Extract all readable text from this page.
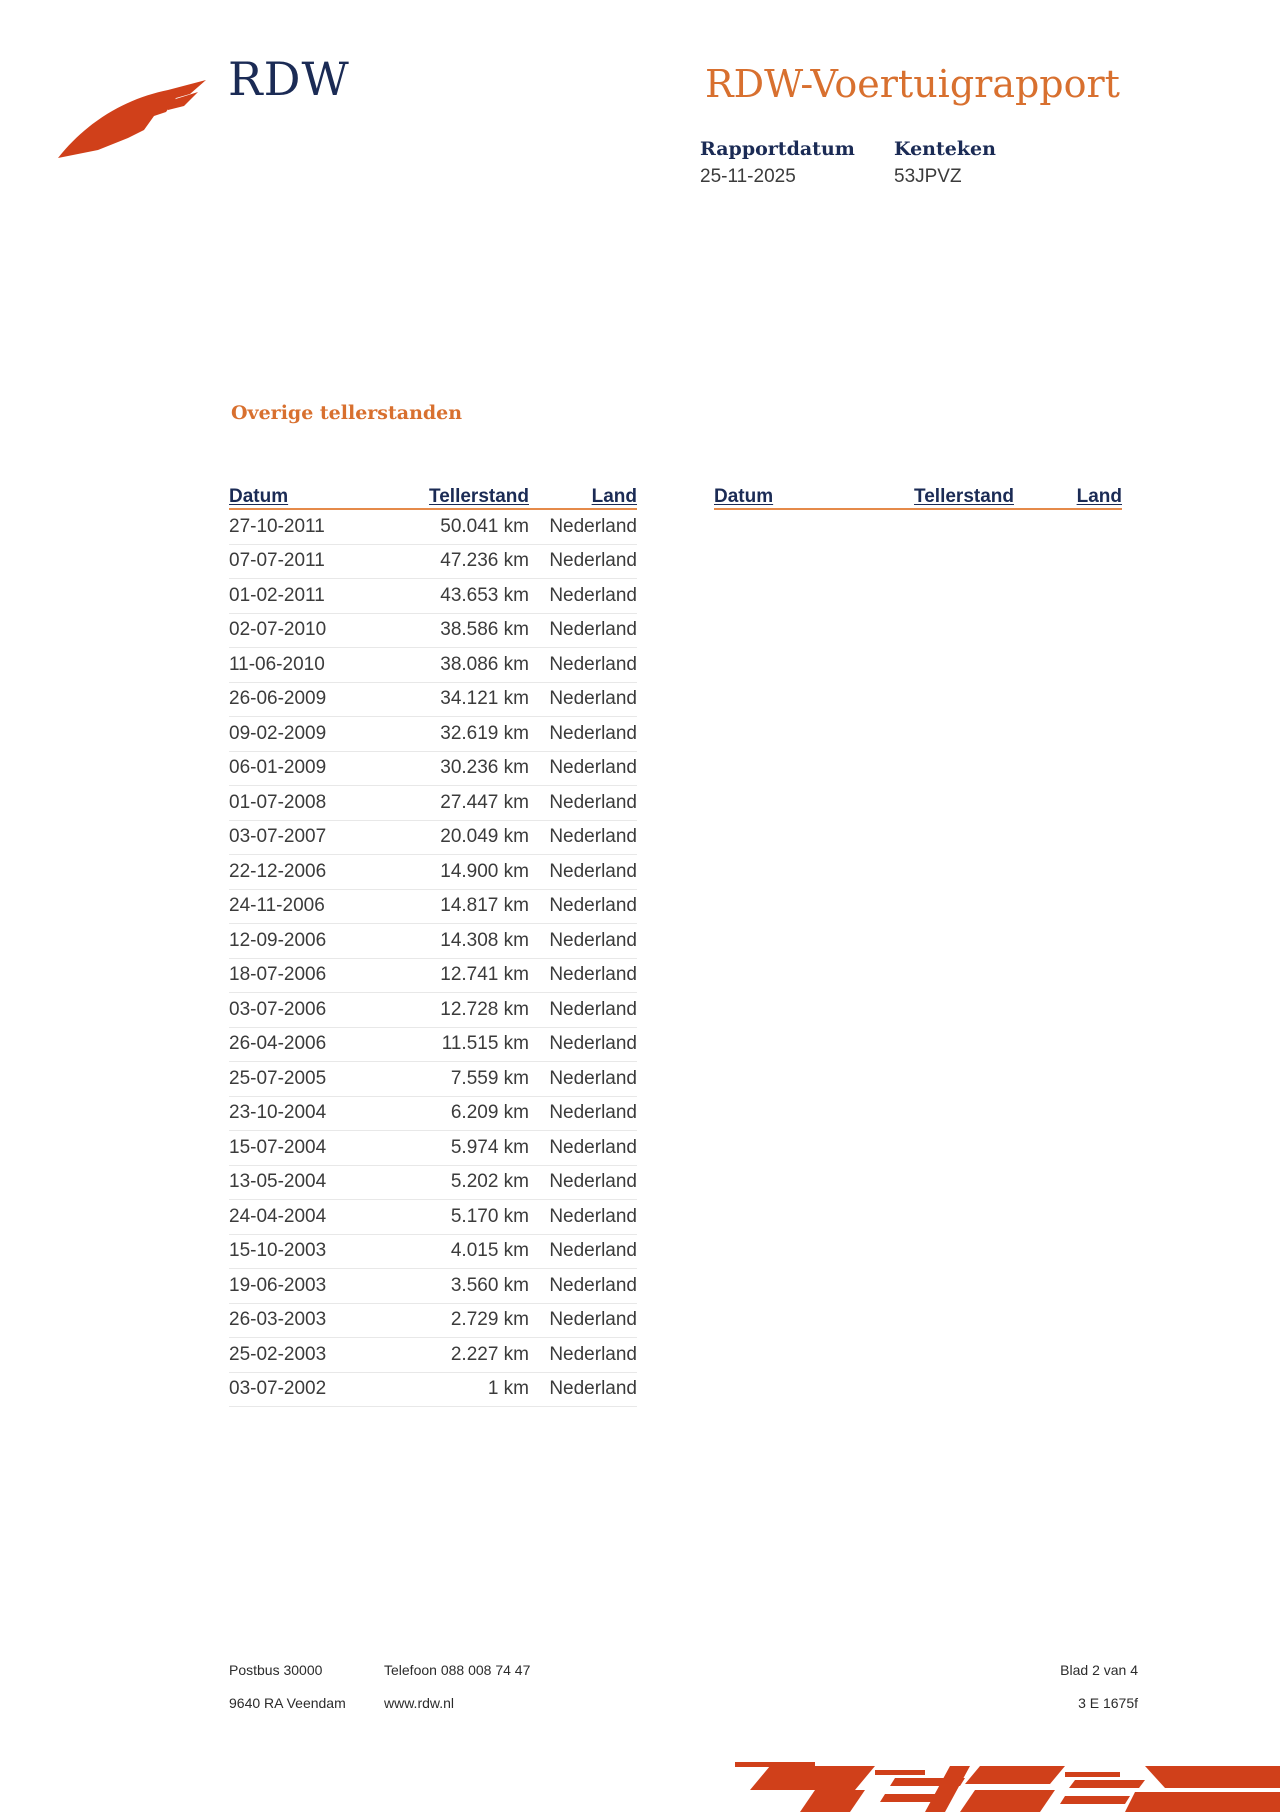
RDW	RDW-Voertuigrapport
Rapportdatum
25-11-2025
Kenteken
53JPVZ
Overige tellerstanden
Datum	Tellerstand	Land
27-10-2011	50.041 km	Nederland
07-07-2011	47.236 km	Nederland
01-02-2011	43.653 km	Nederland
02-07-2010	38.586 km	Nederland
11-06-2010	38.086 km	Nederland
26-06-2009	34.121 km	Nederland
09-02-2009	32.619 km	Nederland
06-01-2009	30.236 km	Nederland
01-07-2008	27.447 km	Nederland
03-07-2007	20.049 km	Nederland
22-12-2006	14.900 km	Nederland
24-11-2006	14.817 km	Nederland
12-09-2006	14.308 km	Nederland
18-07-2006	12.741 km	Nederland
03-07-2006	12.728 km	Nederland
26-04-2006	11.515 km	Nederland
25-07-2005	7.559 km	Nederland
23-10-2004	6.209 km	Nederland
15-07-2004	5.974 km	Nederland
13-05-2004	5.202 km	Nederland
24-04-2004	5.170 km	Nederland
15-10-2003	4.015 km	Nederland
19-06-2003	3.560 km	Nederland
26-03-2003	2.729 km	Nederland
25-02-2003	2.227 km	Nederland
03-07-2002	1 km	Nederland
Datum	Tellerstand	Land
Postbus 30000
9640 RA Veendam
Telefoon 088 008 74 47
www.rdw.nl
Blad 2 van 4
3 E 1675f
